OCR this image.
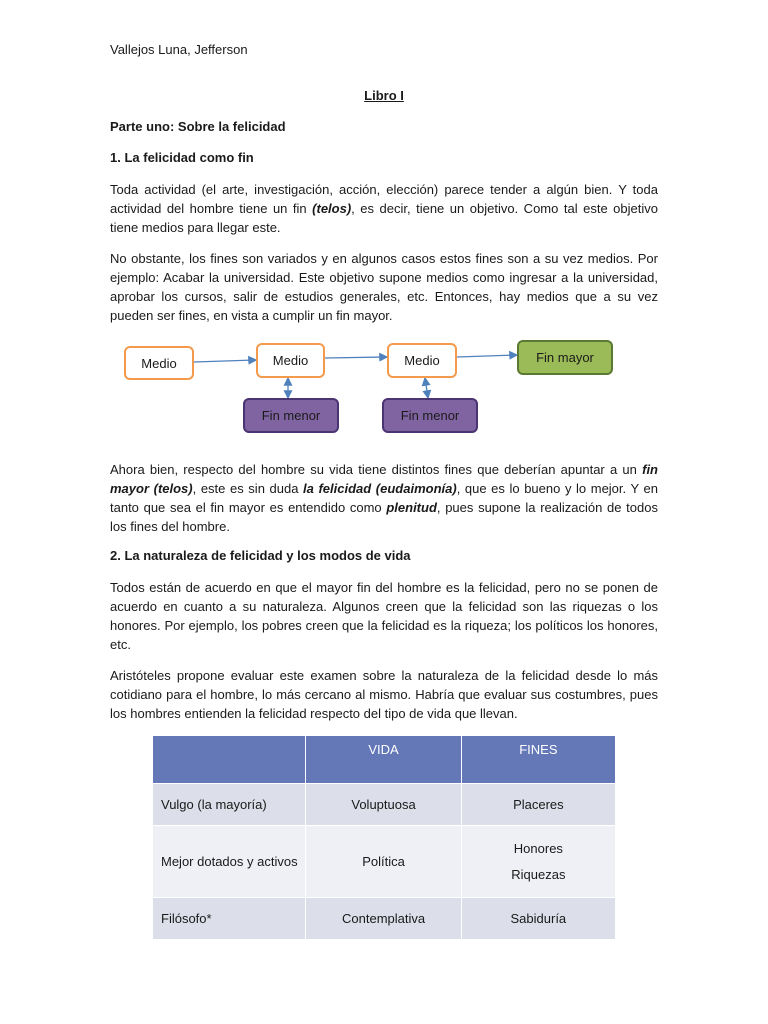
Vallejos Luna, Jefferson
Libro I
Parte uno: Sobre la felicidad
1. La felicidad como fin
Toda actividad (el arte, investigación, acción, elección) parece tender a algún bien. Y toda actividad del hombre tiene un fin (telos), es decir, tiene un objetivo. Como tal este objetivo tiene medios para llegar este.
No obstante, los fines son variados y en algunos casos estos fines son a su vez medios. Por ejemplo: Acabar la universidad. Este objetivo supone medios como ingresar a la universidad, aprobar los cursos, salir de estudios generales, etc. Entonces, hay medios que a su vez pueden ser fines, en vista a cumplir un fin mayor.
Medio	Medio	Medio	Fin mayor
Fin menor	Fin menor
Ahora bien, respecto del hombre su vida tiene distintos fines que deberían apuntar a un fin mayor (telos), este es sin duda la felicidad (eudaimonía), que es lo bueno y lo mejor. Y en tanto que sea el fin mayor es entendido como plenitud, pues supone la realización de todos los fines del hombre.
2. La naturaleza de felicidad y los modos de vida
Todos están de acuerdo en que el mayor fin del hombre es la felicidad, pero no se ponen de acuerdo en cuanto a su naturaleza. Algunos creen que la felicidad son las riquezas o los honores. Por ejemplo, los pobres creen que la felicidad es la riqueza; los políticos los honores, etc.
Aristóteles propone evaluar este examen sobre la naturaleza de la felicidad desde lo más cotidiano para el hombre, lo más cercano al mismo. Habría que evaluar sus costumbres, pues los hombres entienden la felicidad respecto del tipo de vida que llevan.
	VIDA	FINES
Vulgo (la mayoría)	Voluptuosa	Placeres
Mejor dotados y activos	Política	Honores
Riquezas

Filósofo*	Contemplativa	Sabiduría
